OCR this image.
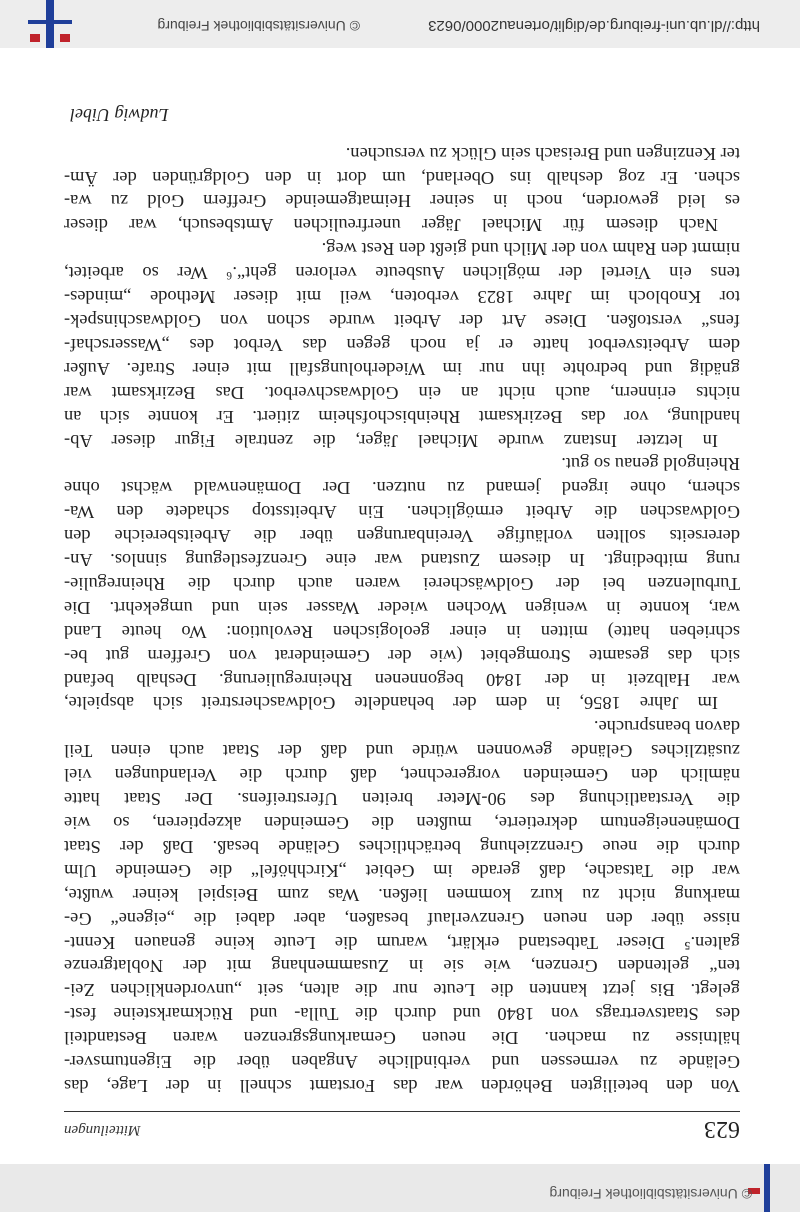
© Universitätsbibliothek Freiburg
623
Mitteilungen

Von den beteiligten Behörden war das Forstamt schnell in der Lage, das
Gelände zu vermessen und verbindliche Angaben über die Eigentumsver-
hältnisse zu machen. Die neuen Gemarkungsgrenzen waren Bestandteil
des Staatsvertrags von 1840 und durch die Tulla- und Rückmarksteine fest-
gelegt. Bis jetzt kannten die Leute nur die alten, seit „unvordenklichen Zei-
ten“ geltenden Grenzen, wie sie in Zusammenhang mit der Noblatgrenze
galten.⁵ Dieser Tatbestand erklärt, warum die Leute keine genauen Kennt-
nisse über den neuen Grenzverlauf besaßen, aber dabei die „eigene“ Ge-
markung nicht zu kurz kommen ließen. Was zum Beispiel keiner wußte,
war die Tatsache, daß gerade im Gebiet „Kirchhöfel“ die Gemeinde Ulm
durch die neue Grenzziehung beträchtliches Gelände besaß. Daß der Staat
Domäneneigentum dekretierte, mußten die Gemeinden akzeptieren, so wie
die Verstaatlichung des 90-Meter breiten Uferstreifens. Der Staat hatte
nämlich den Gemeinden vorgerechnet, daß durch die Verlandungen viel
zusätzliches Gelände gewonnen würde und daß der Staat auch einen Teil
davon beanspruche.

Im Jahre 1856, in dem der behandelte Goldwascherstreit sich abspielte,
war Halbzeit in der 1840 begonnenen Rheinregulierung. Deshalb befand
sich das gesamte Stromgebiet (wie der Gemeinderat von Greffern gut be-
schrieben hatte) mitten in einer geologischen Revolution: Wo heute Land
war, konnte in wenigen Wochen wieder Wasser sein und umgekehrt. Die
Turbulenzen bei der Goldwäscherei waren auch durch die Rheinregulie-
rung mitbedingt. In diesem Zustand war eine Grenzfestlegung sinnlos. An-
dererseits sollten vorläufige Vereinbarungen über die Arbeitsbereiche den
Goldwaschen die Arbeit ermöglichen. Ein Arbeitsstop schadete den Wa-
schern, ohne irgend jemand zu nutzen. Der Domänenwald wächst ohne
Rheingold genau so gut.

In letzter Instanz wurde Michael Jäger, die zentrale Figur dieser Ab-
handlung, vor das Bezirksamt Rheinbischofsheim zitiert. Er konnte sich an
nichts erinnern, auch nicht an ein Goldwaschverbot. Das Bezirksamt war
gnädig und bedrohte ihn nur im Wiederholungsfall mit einer Strafe. Außer
dem Arbeitsverbot hatte er ja noch gegen das Verbot des „Wasserschaf-
fens“ verstoßen. Diese Art der Arbeit wurde schon von Goldwaschinspek-
tor Knobloch im Jahre 1823 verboten, weil mit dieser Methode „mindes-
tens ein Viertel der möglichen Ausbeute verloren geht“.⁶ Wer so arbeitet,
nimmt den Rahm von der Milch und gießt den Rest weg.

Nach diesem für Michael Jäger unerfreulichen Amtsbesuch, war dieser
es leid geworden, noch in seiner Heimatgemeinde Greffern Gold zu wa-
schen. Er zog deshalb ins Oberland, um dort in den Goldgründen der Äm-
ter Kenzingen und Breisach sein Glück zu versuchen.

Ludwig Uibel
http://dl.ub.uni-freiburg.de/diglit/ortenau2000/0623
© Universitätsbibliothek Freiburg
